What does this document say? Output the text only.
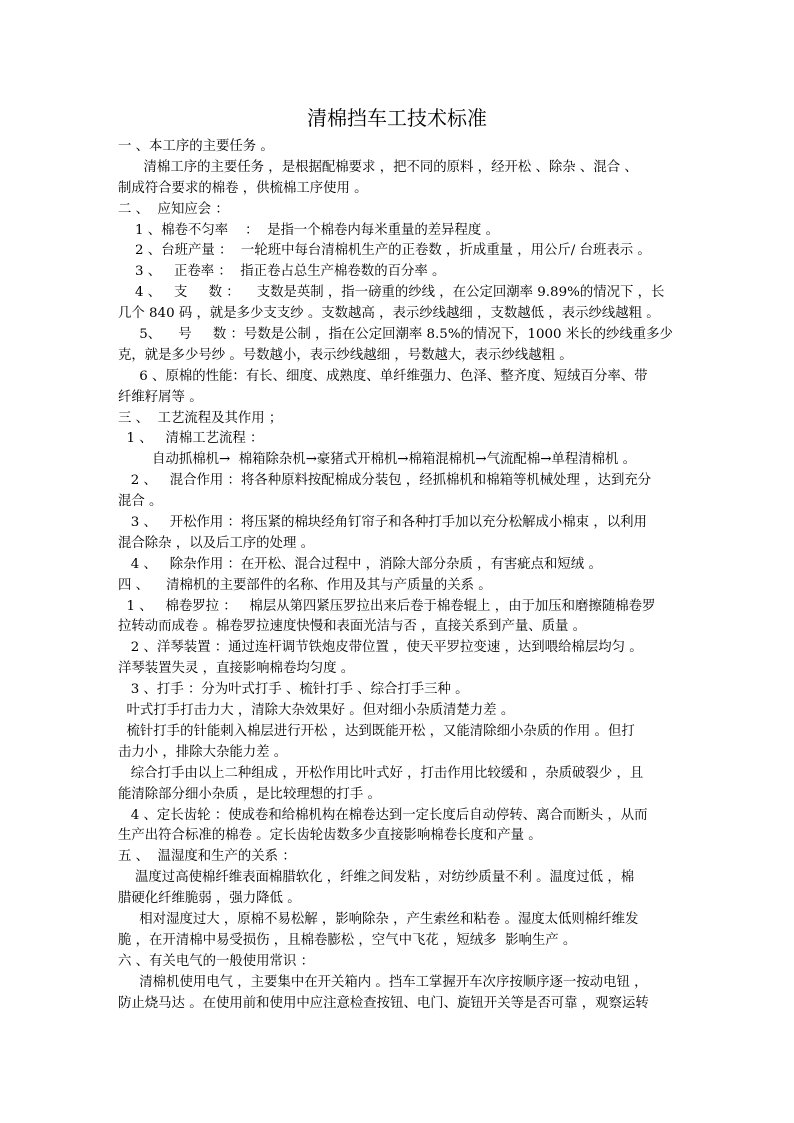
清棉挡车工技术标准
一 、本工序的主要任务 。
清棉工序的主要任务 ，是根据配棉要求 ，把不同的原料 ，经开松 、除杂 、混合 、
制成符合要求的棉卷 ，供梳棉工序使用 。
二 、  应知应会 ：
1 、棉卷不匀率    ：  是指一个棉卷内每米重量的差异程度 。
2 、台班产量 ：  一轮班中每台清棉机生产的正卷数 ，折成重量 ，用公斤/ 台班表示 。
3 、   正卷率 ：  指正卷占总生产棉卷数的百分率 。
4 、   支     数 ：    支数是英制 ，指一磅重的纱线 ，在公定回潮率 9.89%的情况下 ，长
几个 840 码 ，就是多少支支纱 。支数越高 ，表示纱线越细 ，支数越低 ，表示纱线越粗 。
5、    号     数 ：号数是公制 ，指在公定回潮率 8.5%的情况下，1000 米长的纱线重多少
克，就是多少号纱 。号数越小，表示纱线越细 ，号数越大，表示纱线越粗 。
6 、原棉的性能：有长、细度、成熟度、单纤维强力、色泽、整齐度、短绒百分率、带
纤维籽屑等 。
三 、  工艺流程及其作用 ；
1 、   清棉工艺流程 ：
自动抓棉机→  棉箱除杂机→豪猪式开棉机→棉箱混棉机→气流配棉→单程清棉机 。
2 、   混合作用 ：将各种原料按配棉成分装包 ，经抓棉机和棉箱等机械处理 ，达到充分
混合 。
3 、   开松作用 ：将压紧的棉块经角钉帘子和各种打手加以充分松解成小棉束 ，以利用
混合除杂 ，以及后工序的处理 。
4 、   除杂作用 ：在开松、混合过程中 ，消除大部分杂质 ，有害疵点和短绒 。
四 、    清棉机的主要部件的名称、作用及其与产质量的关系 。
1 、   棉卷罗拉 ：   棉层从第四紧压罗拉出来后卷于棉卷辊上 ，由于加压和磨擦随棉卷罗
拉转动而成卷 。棉卷罗拉速度快慢和表面光洁与否 ，直接关系到产量、质量 。
2 、洋琴装置 ：通过连杆调节铁炮皮带位置 ，使天平罗拉变速 ，达到喂给棉层均匀 。
洋琴装置失灵 ，直接影响棉卷均匀度 。
3 、打手 ：分为叶式打手 、梳针打手 、综合打手三种 。
叶式打手打击力大 ，清除大杂效果好 。但对细小杂质清楚力差 。
梳针打手的针能刺入棉层进行开松 ，达到既能开松 ，又能清除细小杂质的作用 。但打
击力小 ，排除大杂能力差 。
综合打手由以上二种组成 ，开松作用比叶式好 ，打击作用比较缓和 ，杂质破裂少 ，且
能清除部分细小杂质 ，是比较理想的打手 。
4 、定长齿轮 ：使成卷和给棉机构在棉卷达到一定长度后自动停转、离合而断头 ，从而
生产出符合标准的棉卷 。定长齿轮齿数多少直接影响棉卷长度和产量 。
五 、  温湿度和生产的关系 ：
温度过高使棉纤维表面棉腊软化 ，纤维之间发粘 ，对纺纱质量不利 。温度过低 ，棉
腊硬化纤维脆弱 ，强力降低 。
相对湿度过大 ，原棉不易松解 ，影响除杂 ，产生索丝和粘卷 。湿度太低则棉纤维发
脆 ，在开清棉中易受损伤 ，且棉卷膨松 ，空气中飞花 ，短绒多  影响生产 。
六 、有关电气的一般使用常识 ：
清棉机使用电气 ，主要集中在开关箱内 。挡车工掌握开车次序按顺序逐一按动电钮 ，
防止烧马达 。在使用前和使用中应注意检查按钮、电门、旋钮开关等是否可靠 ，观察运转
